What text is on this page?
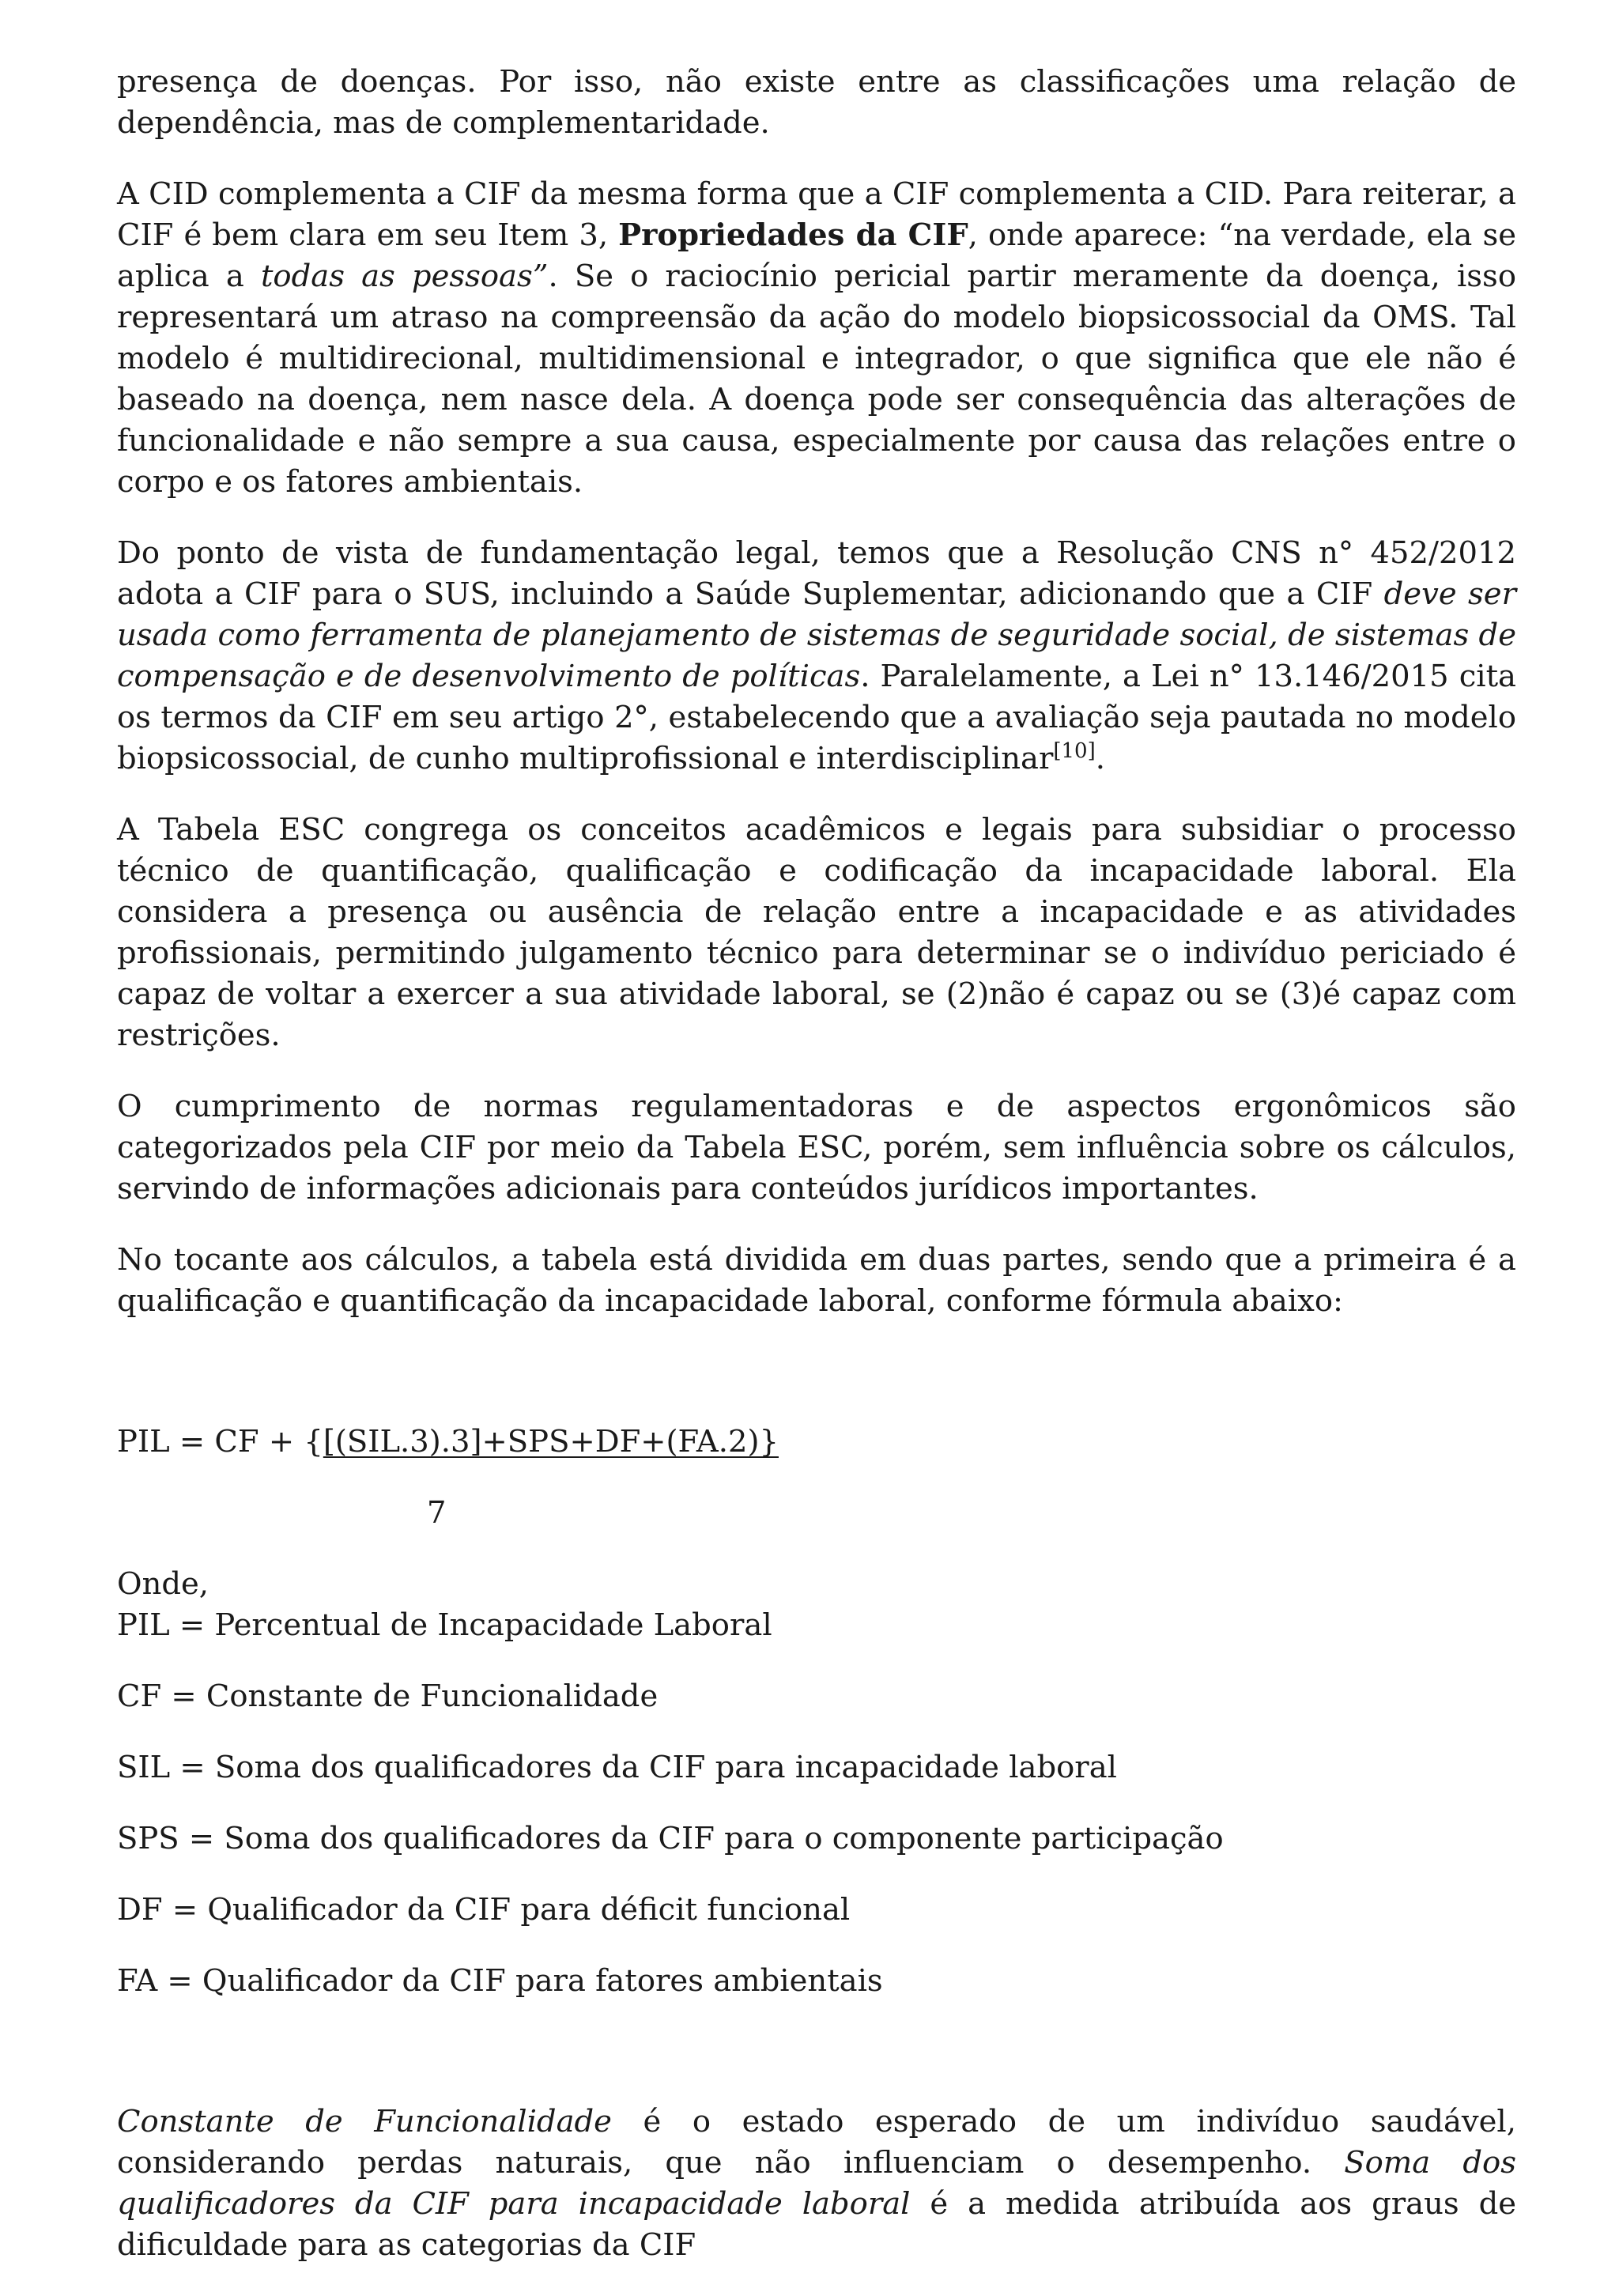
presença de doenças. Por isso, não existe entre as classificações uma relação de dependência, mas de complementaridade.

A CID complementa a CIF da mesma forma que a CIF complementa a CID. Para reiterar, a CIF é bem clara em seu Item 3, Propriedades da CIF, onde aparece: “na verdade, ela se aplica a todas as pessoas”. Se o raciocínio pericial partir meramente da doença, isso representará um atraso na compreensão da ação do modelo biopsicossocial da OMS. Tal modelo é multidirecional, multidimensional e integrador, o que significa que ele não é baseado na doença, nem nasce dela. A doença pode ser consequência das alterações de funcionalidade e não sempre a sua causa, especialmente por causa das relações entre o corpo e os fatores ambientais.

Do ponto de vista de fundamentação legal, temos que a Resolução CNS n° 452/2012 adota a CIF para o SUS, incluindo a Saúde Suplementar, adicionando que a CIF deve ser usada como ferramenta de planejamento de sistemas de seguridade social, de sistemas de compensação e de desenvolvimento de políticas. Paralelamente, a Lei n° 13.146/2015 cita os termos da CIF em seu artigo 2°, estabelecendo que a avaliação seja pautada no modelo biopsicossocial, de cunho multiprofissional e interdisciplinar[10].

A Tabela ESC congrega os conceitos acadêmicos e legais para subsidiar o processo técnico de quantificação, qualificação e codificação da incapacidade laboral. Ela considera a presença ou ausência de relação entre a incapacidade e as atividades profissionais, permitindo julgamento técnico para determinar se o indivíduo periciado é capaz de voltar a exercer a sua atividade laboral, se (2)não é capaz ou se (3)é capaz com restrições.

O cumprimento de normas regulamentadoras e de aspectos ergonômicos são categorizados pela CIF por meio da Tabela ESC, porém, sem influência sobre os cálculos, servindo de informações adicionais para conteúdos jurídicos importantes.

No tocante aos cálculos, a tabela está dividida em duas partes, sendo que a primeira é a qualificação e quantificação da incapacidade laboral, conforme fórmula abaixo:

PIL = CF + {[(SIL.3).3]+SPS+DF+(FA.2)}
7

Onde,

PIL = Percentual de Incapacidade Laboral

CF = Constante de Funcionalidade

SIL = Soma dos qualificadores da CIF para incapacidade laboral

SPS = Soma dos qualificadores da CIF para o componente participação

DF = Qualificador da CIF para déficit funcional

FA = Qualificador da CIF para fatores ambientais

Constante de Funcionalidade é o estado esperado de um indivíduo saudável, considerando perdas naturais, que não influenciam o desempenho. Soma dos qualificadores da CIF para incapacidade laboral é a medida atribuída aos graus de dificuldade para as categorias da CIF
